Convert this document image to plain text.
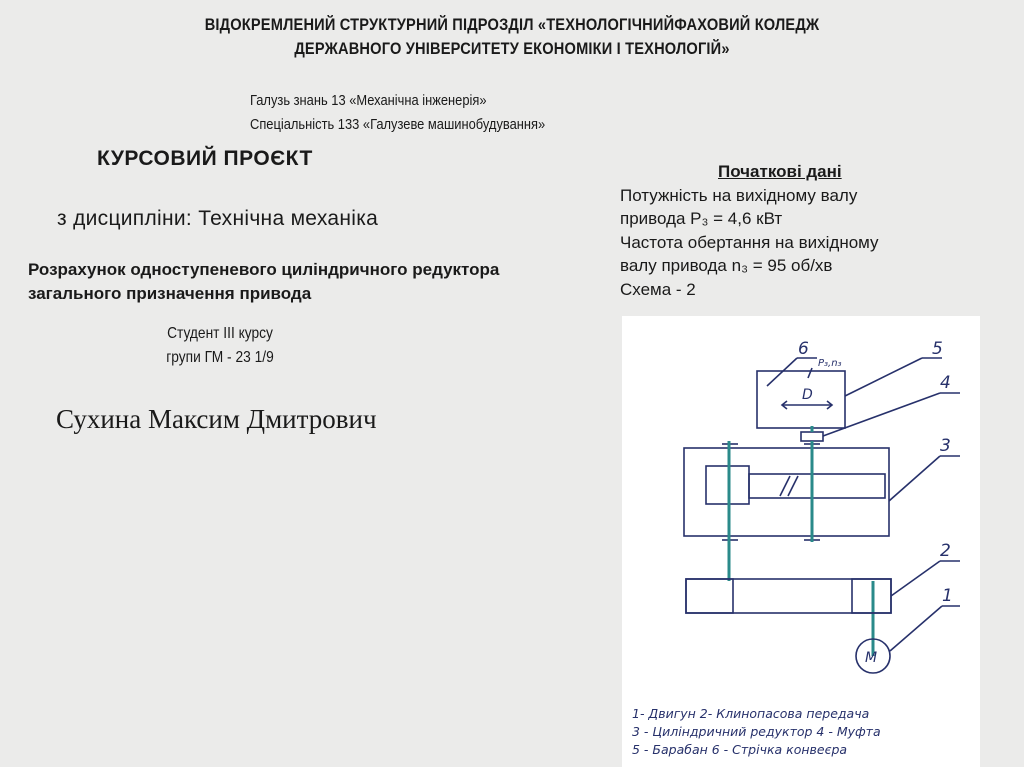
ВІДОКРЕМЛЕНИЙ СТРУКТУРНИЙ ПІДРОЗДІЛ «ТЕХНОЛОГІЧНИЙФАХОВИЙ КОЛЕДЖ
ДЕРЖАВНОГО УНІВЕРСИТЕТУ ЕКОНОМІКИ І ТЕХНОЛОГІЙ»
Галузь знань 13 «Механічна інженерія»
Спеціальність 133 «Галузеве машинобудування»
КУРСОВИЙ ПРОЄКТ
з дисципліни: Технічна механіка
Розрахунок одноступеневого циліндричного редуктора
загального призначення привода
Студент ІІІ курсу
групи ГМ - 23 1/9
Сухина Максим Дмитрович
Початкові дані
Потужність на вихідному валу
привода P₃ = 4,6 кВт
Частота обертання на вихідному
валу привода n₃ = 95 об/хв
Схема - 2
D
P₃,n₃
M
6	5
4
3
2
1
1- Двигун 2- Клинопасова передача
3 - Циліндричний редуктор 4 - Муфта
5 - Барабан 6 - Стрічка конвеєра
